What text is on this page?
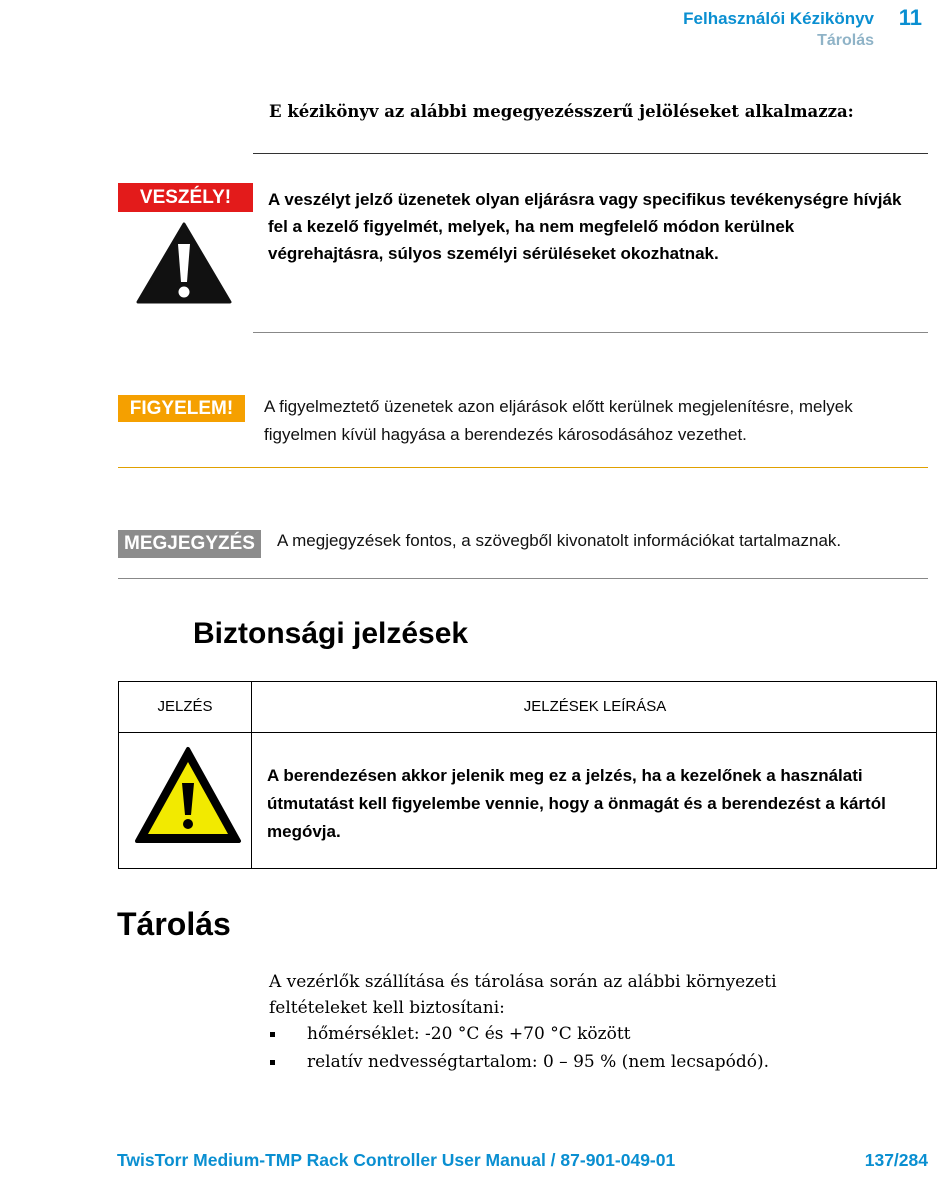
Felhasználói Kézikönyv
Tárolás
11
E kézikönyv az alábbi megegyezésszerű jelöléseket alkalmazza:
VESZÉLY!	A veszélyt jelző üzenetek olyan eljárásra vagy specifikus tevékenységre hívják fel a kezelő figyelmét, melyek, ha nem megfelelő módon kerülnek végrehajtásra, súlyos személyi sérüléseket okozhatnak.
FIGYELEM!	A figyelmeztető üzenetek azon eljárások előtt kerülnek megjelenítésre, melyek figyelmen kívül hagyása a berendezés károsodásához vezethet.
MEGJEGYZÉS	A megjegyzések fontos, a szövegből kivonatolt információkat tartalmaznak.
Biztonsági jelzések
JELZÉS	JELZÉSEK LEÍRÁSA
A berendezésen akkor jelenik meg ez a jelzés, ha a kezelőnek a használati útmutatást kell figyelembe vennie, hogy a önmagát és a berendezést a kártól megóvja.
Tárolás
A vezérlők szállítása és tárolása során az alábbi környezeti feltételeket kell biztosítani:
hőmérséklet: -20 °C és +70 °C között
relatív nedvességtartalom: 0 – 95 % (nem lecsapódó).
TwisTorr Medium-TMP Rack Controller User Manual / 87-901-049-01	137/284
